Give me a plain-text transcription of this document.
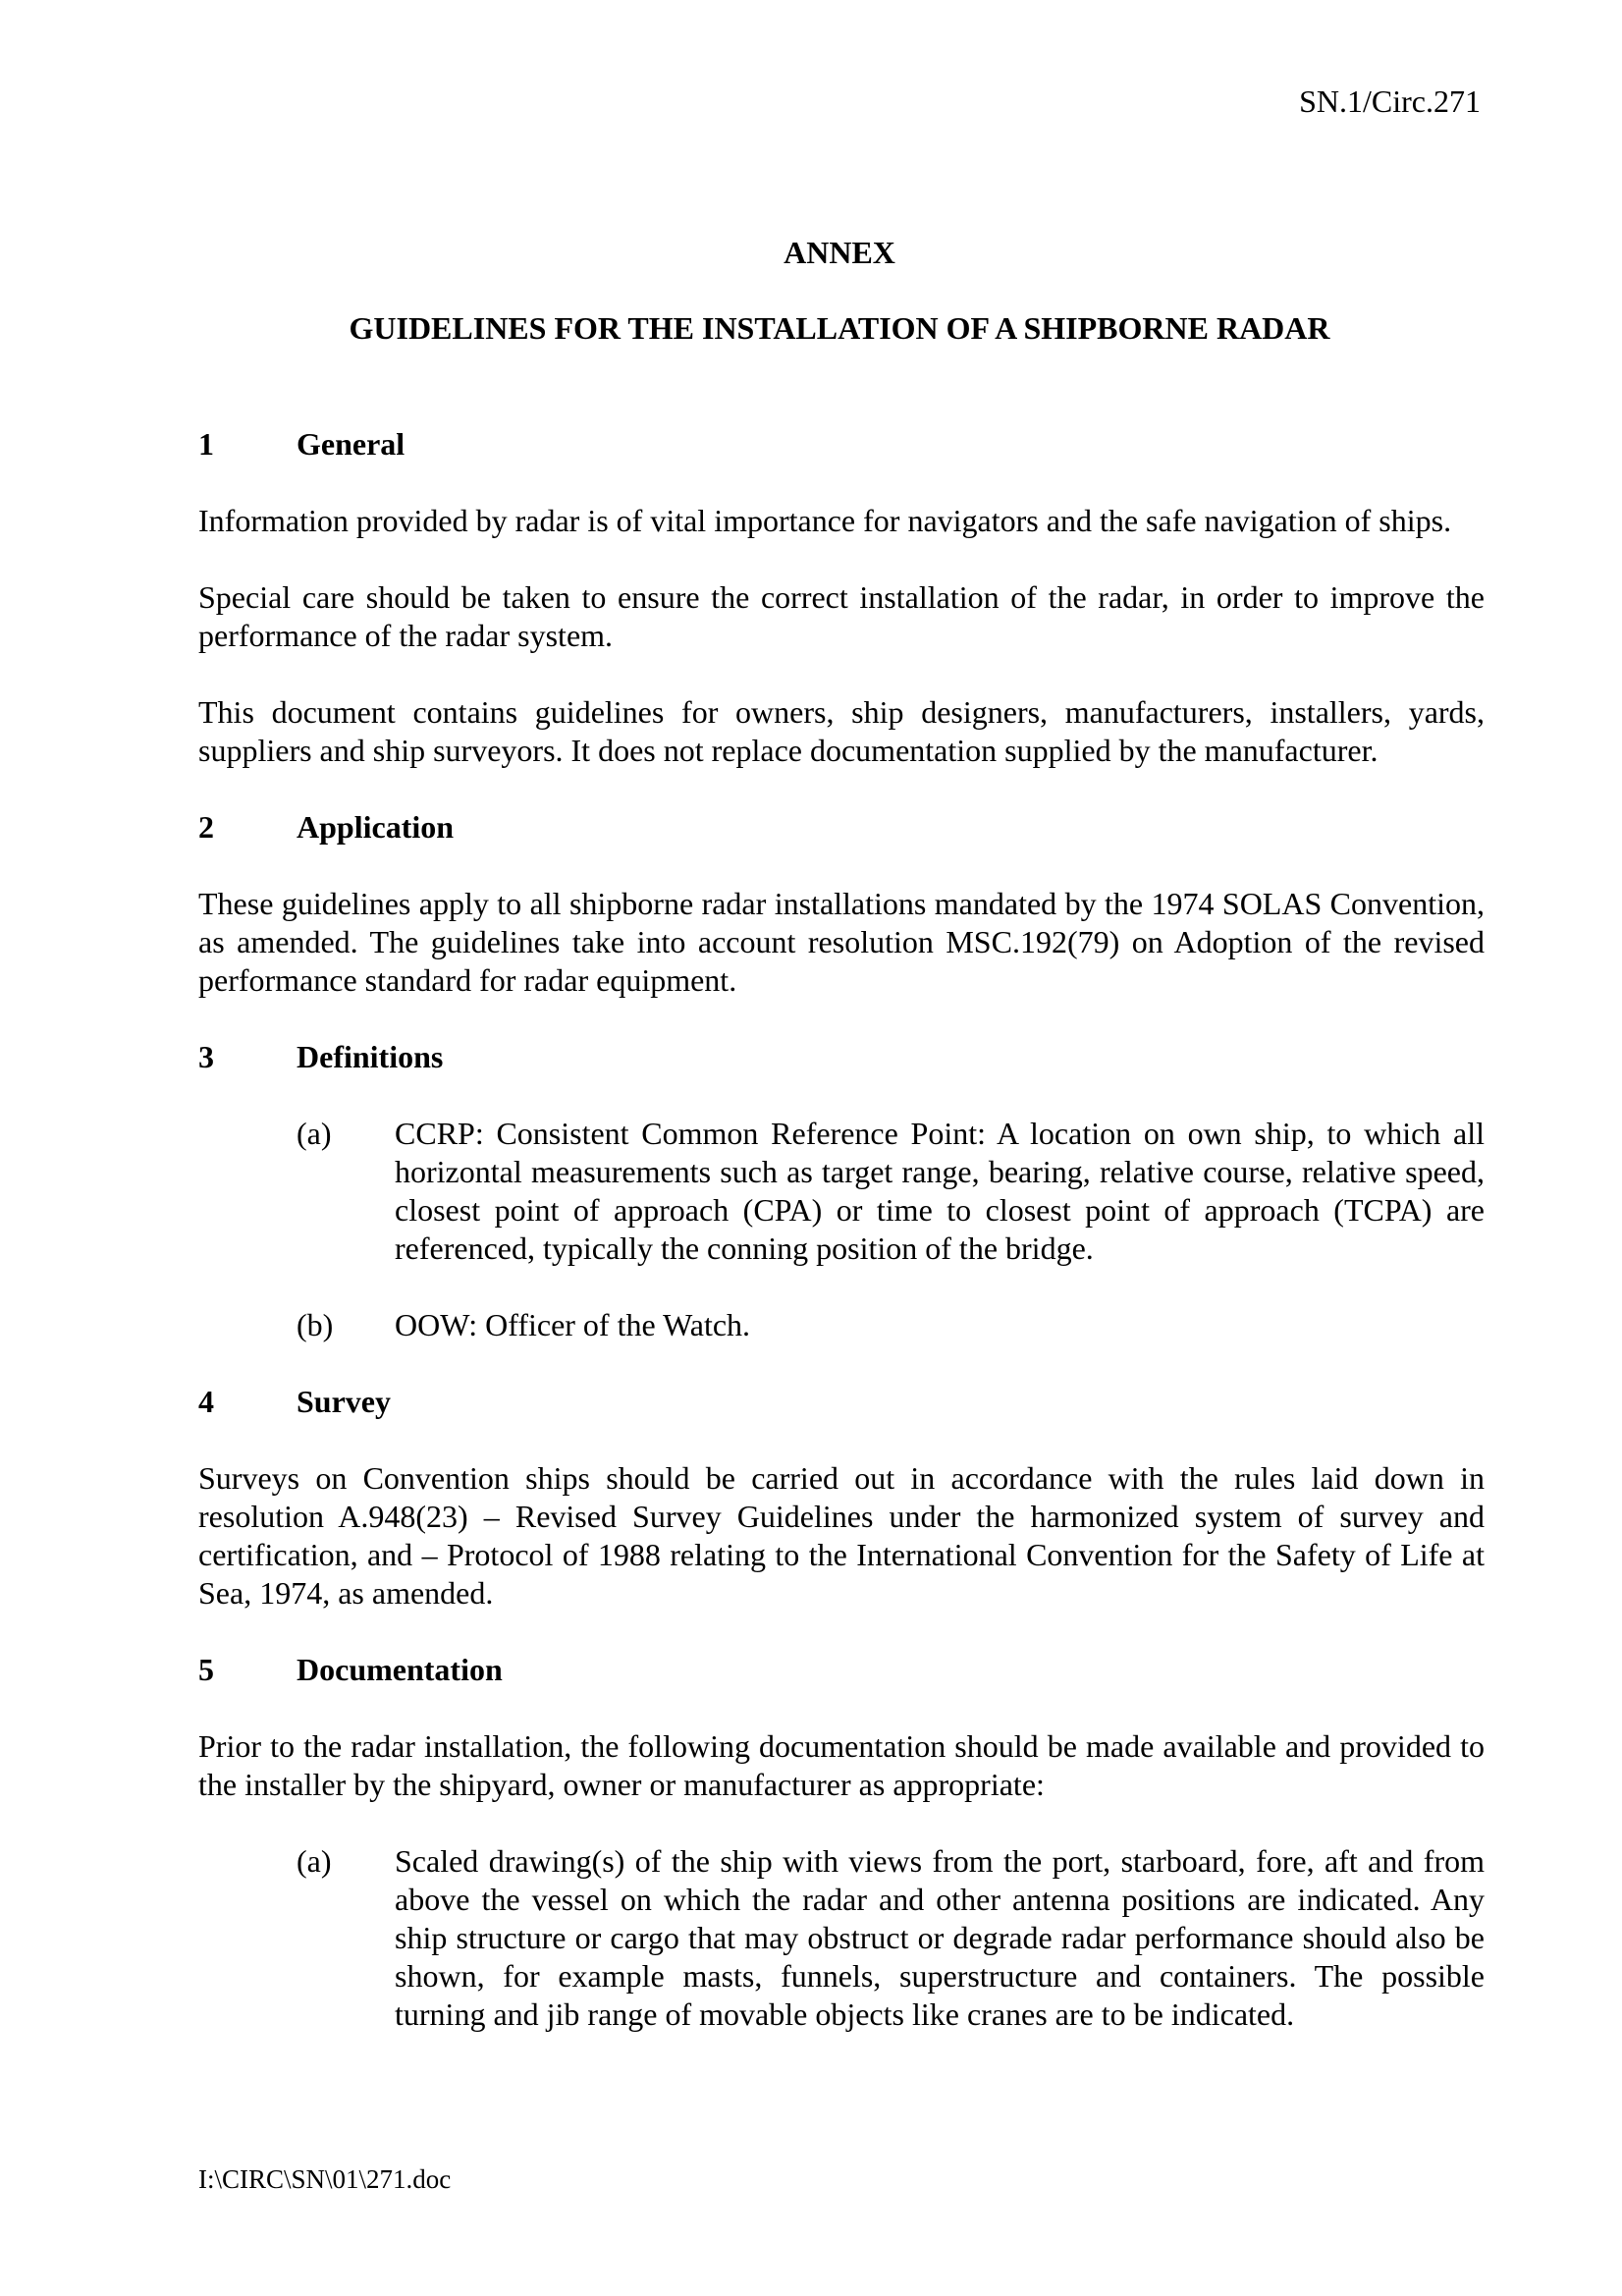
SN.1/Circ.271
ANNEX
GUIDELINES FOR THE INSTALLATION OF A SHIPBORNE RADAR
1	General

Information provided by radar is of vital importance for navigators and the safe navigation of ships.

Special care should be taken to ensure the correct installation of the radar, in order to improve the performance of the radar system.

This document contains guidelines for owners, ship designers, manufacturers, installers, yards, suppliers and ship surveyors. It does not replace documentation supplied by the manufacturer.

2	Application

These guidelines apply to all shipborne radar installations mandated by the 1974 SOLAS Convention, as amended. The guidelines take into account resolution MSC.192(79) on Adoption of the revised performance standard for radar equipment.

3	Definitions
(a)	CCRP: Consistent Common Reference Point: A location on own ship, to which all horizontal measurements such as target range, bearing, relative course, relative speed, closest point of approach (CPA) or time to closest point of approach (TCPA) are referenced, typically the conning position of the bridge.
(b)	OOW: Officer of the Watch.
4	Survey

Surveys on Convention ships should be carried out in accordance with the rules laid down in resolution A.948(23) – Revised Survey Guidelines under the harmonized system of survey and certification, and – Protocol of 1988 relating to the International Convention for the Safety of Life at Sea, 1974, as amended.

5	Documentation

Prior to the radar installation, the following documentation should be made available and provided to the installer by the shipyard, owner or manufacturer as appropriate:

(a)	Scaled drawing(s) of the ship with views from the port, starboard, fore, aft and from above the vessel on which the radar and other antenna positions are indicated. Any ship structure or cargo that may obstruct or degrade radar performance should also be shown, for example masts, funnels, superstructure and containers. The possible turning and jib range of movable objects like cranes are to be indicated.
I:\CIRC\SN\01\271.doc
